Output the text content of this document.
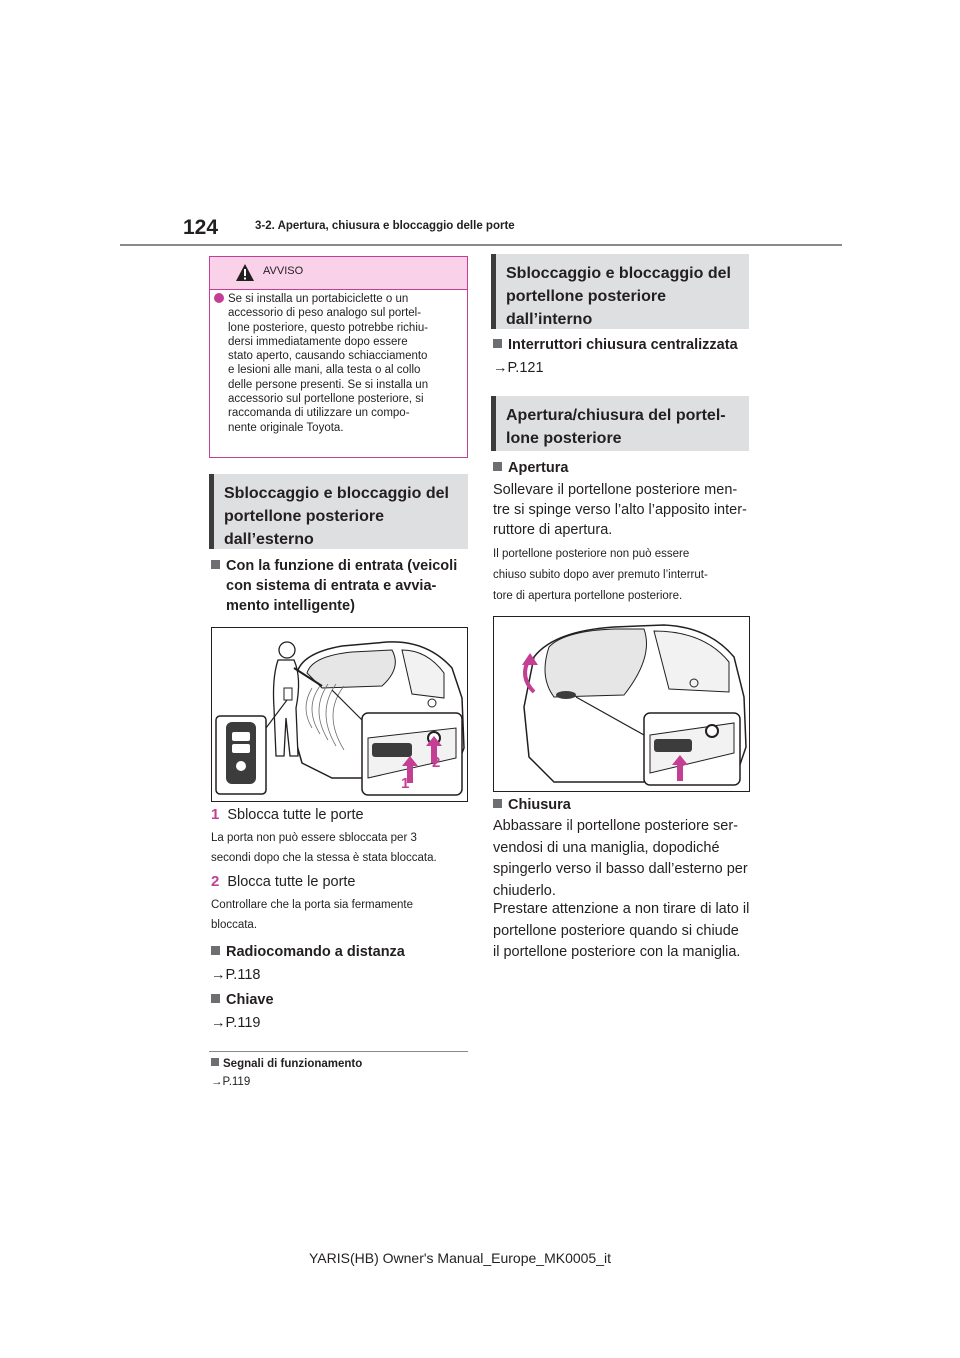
124	3-2. Apertura, chiusura e bloccaggio delle porte
AVVISO
Se si installa un portabiciclette o un
accessorio di peso analogo sul portel-
lone posteriore, questo potrebbe richiu-
dersi immediatamente dopo essere
stato aperto, causando schiacciamento
e lesioni alle mani, alla testa o al collo
delle persone presenti. Se si installa un
accessorio sul portellone posteriore, si
raccomanda di utilizzare un compo-
nente originale Toyota.
Sbloccaggio e bloccaggio del
portellone posteriore
dall’esterno
Con la funzione di entrata (veicoli
con sistema di entrata e avvia-
mento intelligente)
1
2
1 Sblocca tutte le porte
La porta non può essere sbloccata per 3
secondi dopo che la stessa è stata bloccata.
2 Blocca tutte le porte
Controllare che la porta sia fermamente
bloccata.
Radiocomando a distanza
→P.118
Chiave
→P.119
Segnali di funzionamento
→P.119
Sbloccaggio e bloccaggio del
portellone posteriore
dall’interno
Interruttori chiusura centralizzata
→P.121
Apertura/chiusura del portel-
lone posteriore
Apertura
Sollevare il portellone posteriore men-
tre si spinge verso l’alto l’apposito inter-
ruttore di apertura.
Il portellone posteriore non può essere
chiuso subito dopo aver premuto l’interrut-
tore di apertura portellone posteriore.
Chiusura
Abbassare il portellone posteriore ser-
vendosi di una maniglia, dopodiché
spingerlo verso il basso dall’esterno per
chiuderlo.
Prestare attenzione a non tirare di lato il
portellone posteriore quando si chiude
il portellone posteriore con la maniglia.
YARIS(HB) Owner's Manual_Europe_MK0005_it
